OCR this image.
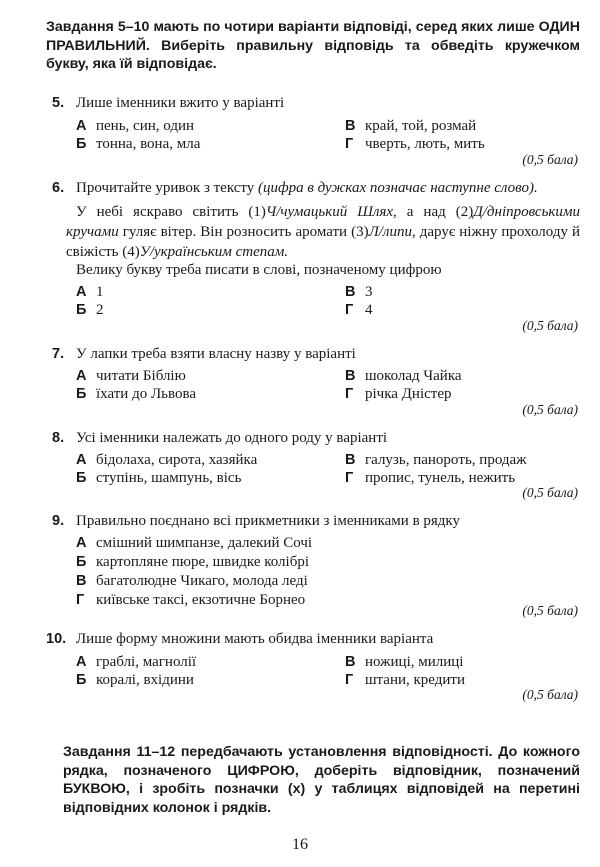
Завдання 5–10 мають по чотири варіанти відповіді, серед яких лише ОДИН ПРАВИЛЬНИЙ. Виберіть правильну відповідь та обведіть кружечком букву, яка їй відповідає.
5. Лише іменники вжито у варіанті
А пень, син, один	В край, той, розмай
Б тонна, вона, мла	Г чверть, лють, мить
(0,5 бала)
6. Прочитайте уривок з тексту (цифра в дужках позначає наступне слово).
У небі яскраво світить (1)Ч/чумацький Шлях, а над (2)Д/дніпровськими кручами гуляє вітер. Він розносить аромати (3)Л/липи, дарує ніжну прохолоду й свіжість (4)У/українським степам.
Велику букву треба писати в слові, позначеному цифрою
А 1	В 3
Б 2	Г 4
(0,5 бала)
7. У лапки треба взяти власну назву у варіанті
А читати Біблію	В шоколад Чайка
Б їхати до Львова	Г річка Дністер
(0,5 бала)
8. Усі іменники належать до одного роду у варіанті
А бідолаха, сирота, хазяйка	В галузь, панорoть, продаж
Б ступінь, шампунь, вісь	Г пропис, тунель, нежить
(0,5 бала)
9. Правильно поєднано всі прикметники з іменниками в рядку
А смішний шимпанзе, далекий Сочі
Б картопляне пюре, швидке колібрі
В багатолюдне Чикаго, молода леді
Г київське таксі, екзотичне Борнео
(0,5 бала)
10. Лише форму множини мають обидва іменники варіанта
А граблі, магнолії	В ножиці, милиці
Б коралі, вхідини	Г штани, кредити
(0,5 бала)
Завдання 11–12 передбачають установлення відповідності. До кожного рядка, позначеного ЦИФРОЮ, доберіть відповідник, позначений БУКВОЮ, і зробіть позначки (х) у таблицях відповідей на перетині відповідних колонок і рядків.
16
